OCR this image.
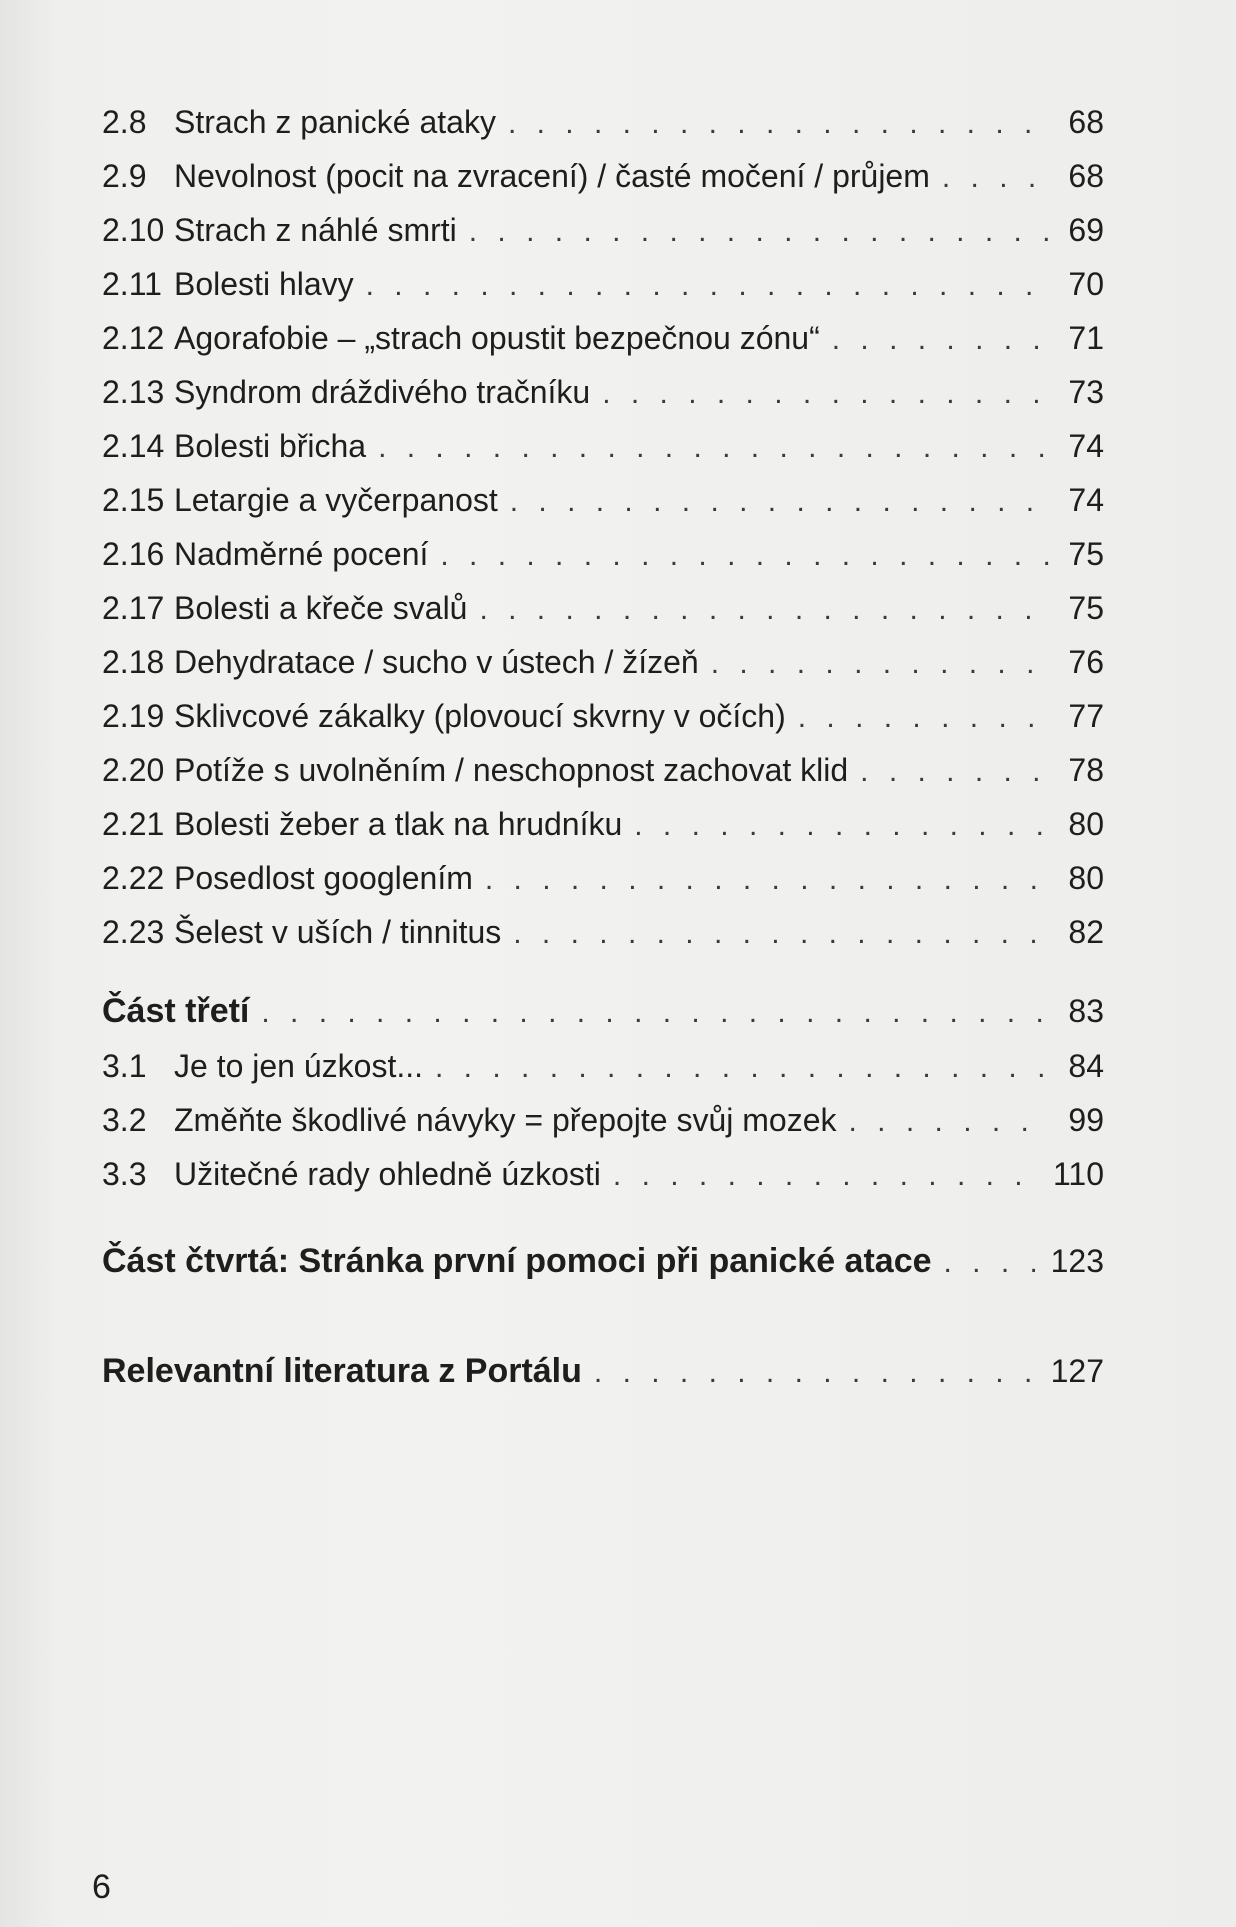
2.8 Strach z panické ataky . . .	68
2.9 Nevolnost (pocit na zvracení) / časté močení / průjem . . .	68
2.10 Strach z náhlé smrti . . .	69
2.11 Bolesti hlavy . . .	70
2.12 Agorafobie – „strach opustit bezpečnou zónu“ . . .	71
2.13 Syndrom dráždivého tračníku . . .	73
2.14 Bolesti břicha . . .	74
2.15 Letargie a vyčerpanost . . .	74
2.16 Nadměrné pocení . . .	75
2.17 Bolesti a křeče svalů . . .	75
2.18 Dehydratace / sucho v ústech / žízeň . . .	76
2.19 Sklivcové zákalky (plovoucí skvrny v očích) . . .	77
2.20 Potíže s uvolněním / neschopnost zachovat klid . . .	78
2.21 Bolesti žeber a tlak na hrudníku . . .	80
2.22 Posedlost googlením . . .	80
2.23 Šelest v uších / tinnitus . . .	82
Část třetí . . .	83
3.1 Je to jen úzkost... . . .	84
3.2 Změňte škodlivé návyky = přepojte svůj mozek . . .	99
3.3 Užitečné rady ohledně úzkosti . . .	110
Část čtvrtá: Stránka první pomoci při panické atace . . .	123
Relevantní literatura z Portálu . . .	127
6
